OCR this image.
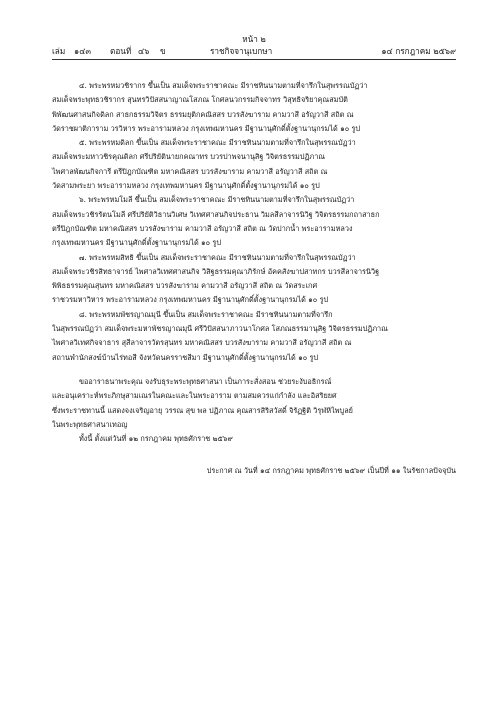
หน้า ๒
เล่ม	๑๔๓	ตอนที่ ๔๖	ข	ราชกิจจานุเบกษา	๑๔ กรกฎาคม ๒๕๖๙
๔. พระพรหมวชิรากร ขึ้นเป็น สมเด็จพระราชาคณะ มีราชทินนามตามที่จารึกในสุพรรณบัฏว่า
สมเด็จพระพุทธวชิรากร สุนทรวิปัสสนาญาณโสภณ โกศลนวกรรมกิจจาทร วิสุทธิจริยาคุณสมบัติ
พิพัฒนศาสนกิจดิลก สาธกธรรมวิจิตร ธรรมยุติกคณิสสร บวรสังฆาราม คามวาสี อรัญวาสี สถิต ณ
วัดราชผาติการาม วรวิหาร พระอารามหลวง กรุงเทพมหานคร มีฐานานุศักดิ์ตั้งฐานานุกรมได้ ๑๐ รูป
๕. พระพรหมดิลก ขึ้นเป็น สมเด็จพระราชาคณะ มีราชทินนามตามที่จารึกในสุพรรณบัฏว่า
สมเด็จพระมหาวชิรคุณดิลก ศรีปริยัตินายกคณาทร บวรปาพจนานุสิฐ วิจิตรธรรมปฏิภาณ
ไพศาลพัฒนกิจการี ตรีปิฎกบัณฑิต มหาคณิสสร บวรสังฆาราม คามวาสี อรัญวาสี สถิต ณ
วัดสามพระยา พระอารามหลวง กรุงเทพมหานคร มีฐานานุศักดิ์ตั้งฐานานุกรมได้ ๑๐ รูป
๖. พระพรหมโมลี ขึ้นเป็น สมเด็จพระราชาคณะ มีราชทินนามตามที่จารึกในสุพรรณบัฏว่า
สมเด็จพระวชิรรัตนโมลี ศรีปริยัติวิธานวิเศษ วิเทศศาสนกิจประธาน วิมลสีลาจารนิวิฐ วิจิตรธรรมกถาสาธก
ตรีปิฎกบัณฑิต มหาคณิสสร บวรสังฆาราม คามวาสี อรัญวาสี สถิต ณ วัดปากน้ำ พระอารามหลวง
กรุงเทพมหานคร มีฐานานุศักดิ์ตั้งฐานานุกรมได้ ๑๐ รูป
๗. พระพรหมสิทธิ ขึ้นเป็น สมเด็จพระราชาคณะ มีราชทินนามตามที่จารึกในสุพรรณบัฏว่า
สมเด็จพระวชิรสิทธาจารย์ ไพศาลวิเทศศาสนกิจ วิสิฐธรรมคุณาภิรักษ์ อัคคสังฆาปสาทกร บวรสีลาจารนิวิฐ
พิพิธธรรมคุณสุนทร มหาคณิสสร บวรสังฆาราม คามวาสี อรัญวาสี สถิต ณ วัดสระเกศ
ราชวรมหาวิหาร พระอารามหลวง กรุงเทพมหานคร มีฐานานุศักดิ์ตั้งฐานานุกรมได้ ๑๐ รูป
๘. พระพรหมพัชรญาณมุนี ขึ้นเป็น สมเด็จพระราชาคณะ มีราชทินนามตามที่จารึก
ในสุพรรณบัฏว่า สมเด็จพระมหาพัชรญาณมุนี ศรีวิปัสสนาภาวนาโกศล โสภณธรรมานุสิฐ วิจิตรธรรมปฏิภาณ
ไพศาลวิเทศกิจจาธาร สุสีลาจารวัตรสุนทร มหาคณิสสร บวรสังฆาราม คามวาสี อรัญวาสี สถิต ณ
สถานพำนักสงฆ์บ้านไร่ทอสี จังหวัดนครราชสีมา มีฐานานุศักดิ์ตั้งฐานานุกรมได้ ๑๐ รูป
ขออาราธนาพระคุณ จงรับธุระพระพุทธศาสนา เป็นภาระสั่งสอน ช่วยระงับอธิกรณ์
และอนุเคราะห์พระภิกษุสามเณรในคณะและในพระอาราม ตามสมควรแก่กำลัง และอิสริยยศ
ซึ่งพระราชทานนี้ แสดงจงเจริญอายุ วรรณ สุข พล ปฏิภาณ คุณสารสิริสวัสดิ์ จิรัฏฐิติ วิรุฬหิไพบูลย์
ในพระพุทธศาสนาเทอญ
ทั้งนี้ ตั้งแต่วันที่ ๑๒ กรกฎาคม พุทธศักราช ๒๕๖๙
ประกาศ ณ วันที่ ๑๔ กรกฎาคม พุทธศักราช ๒๕๖๙ เป็นปีที่ ๑๑ ในรัชกาลปัจจุบัน
